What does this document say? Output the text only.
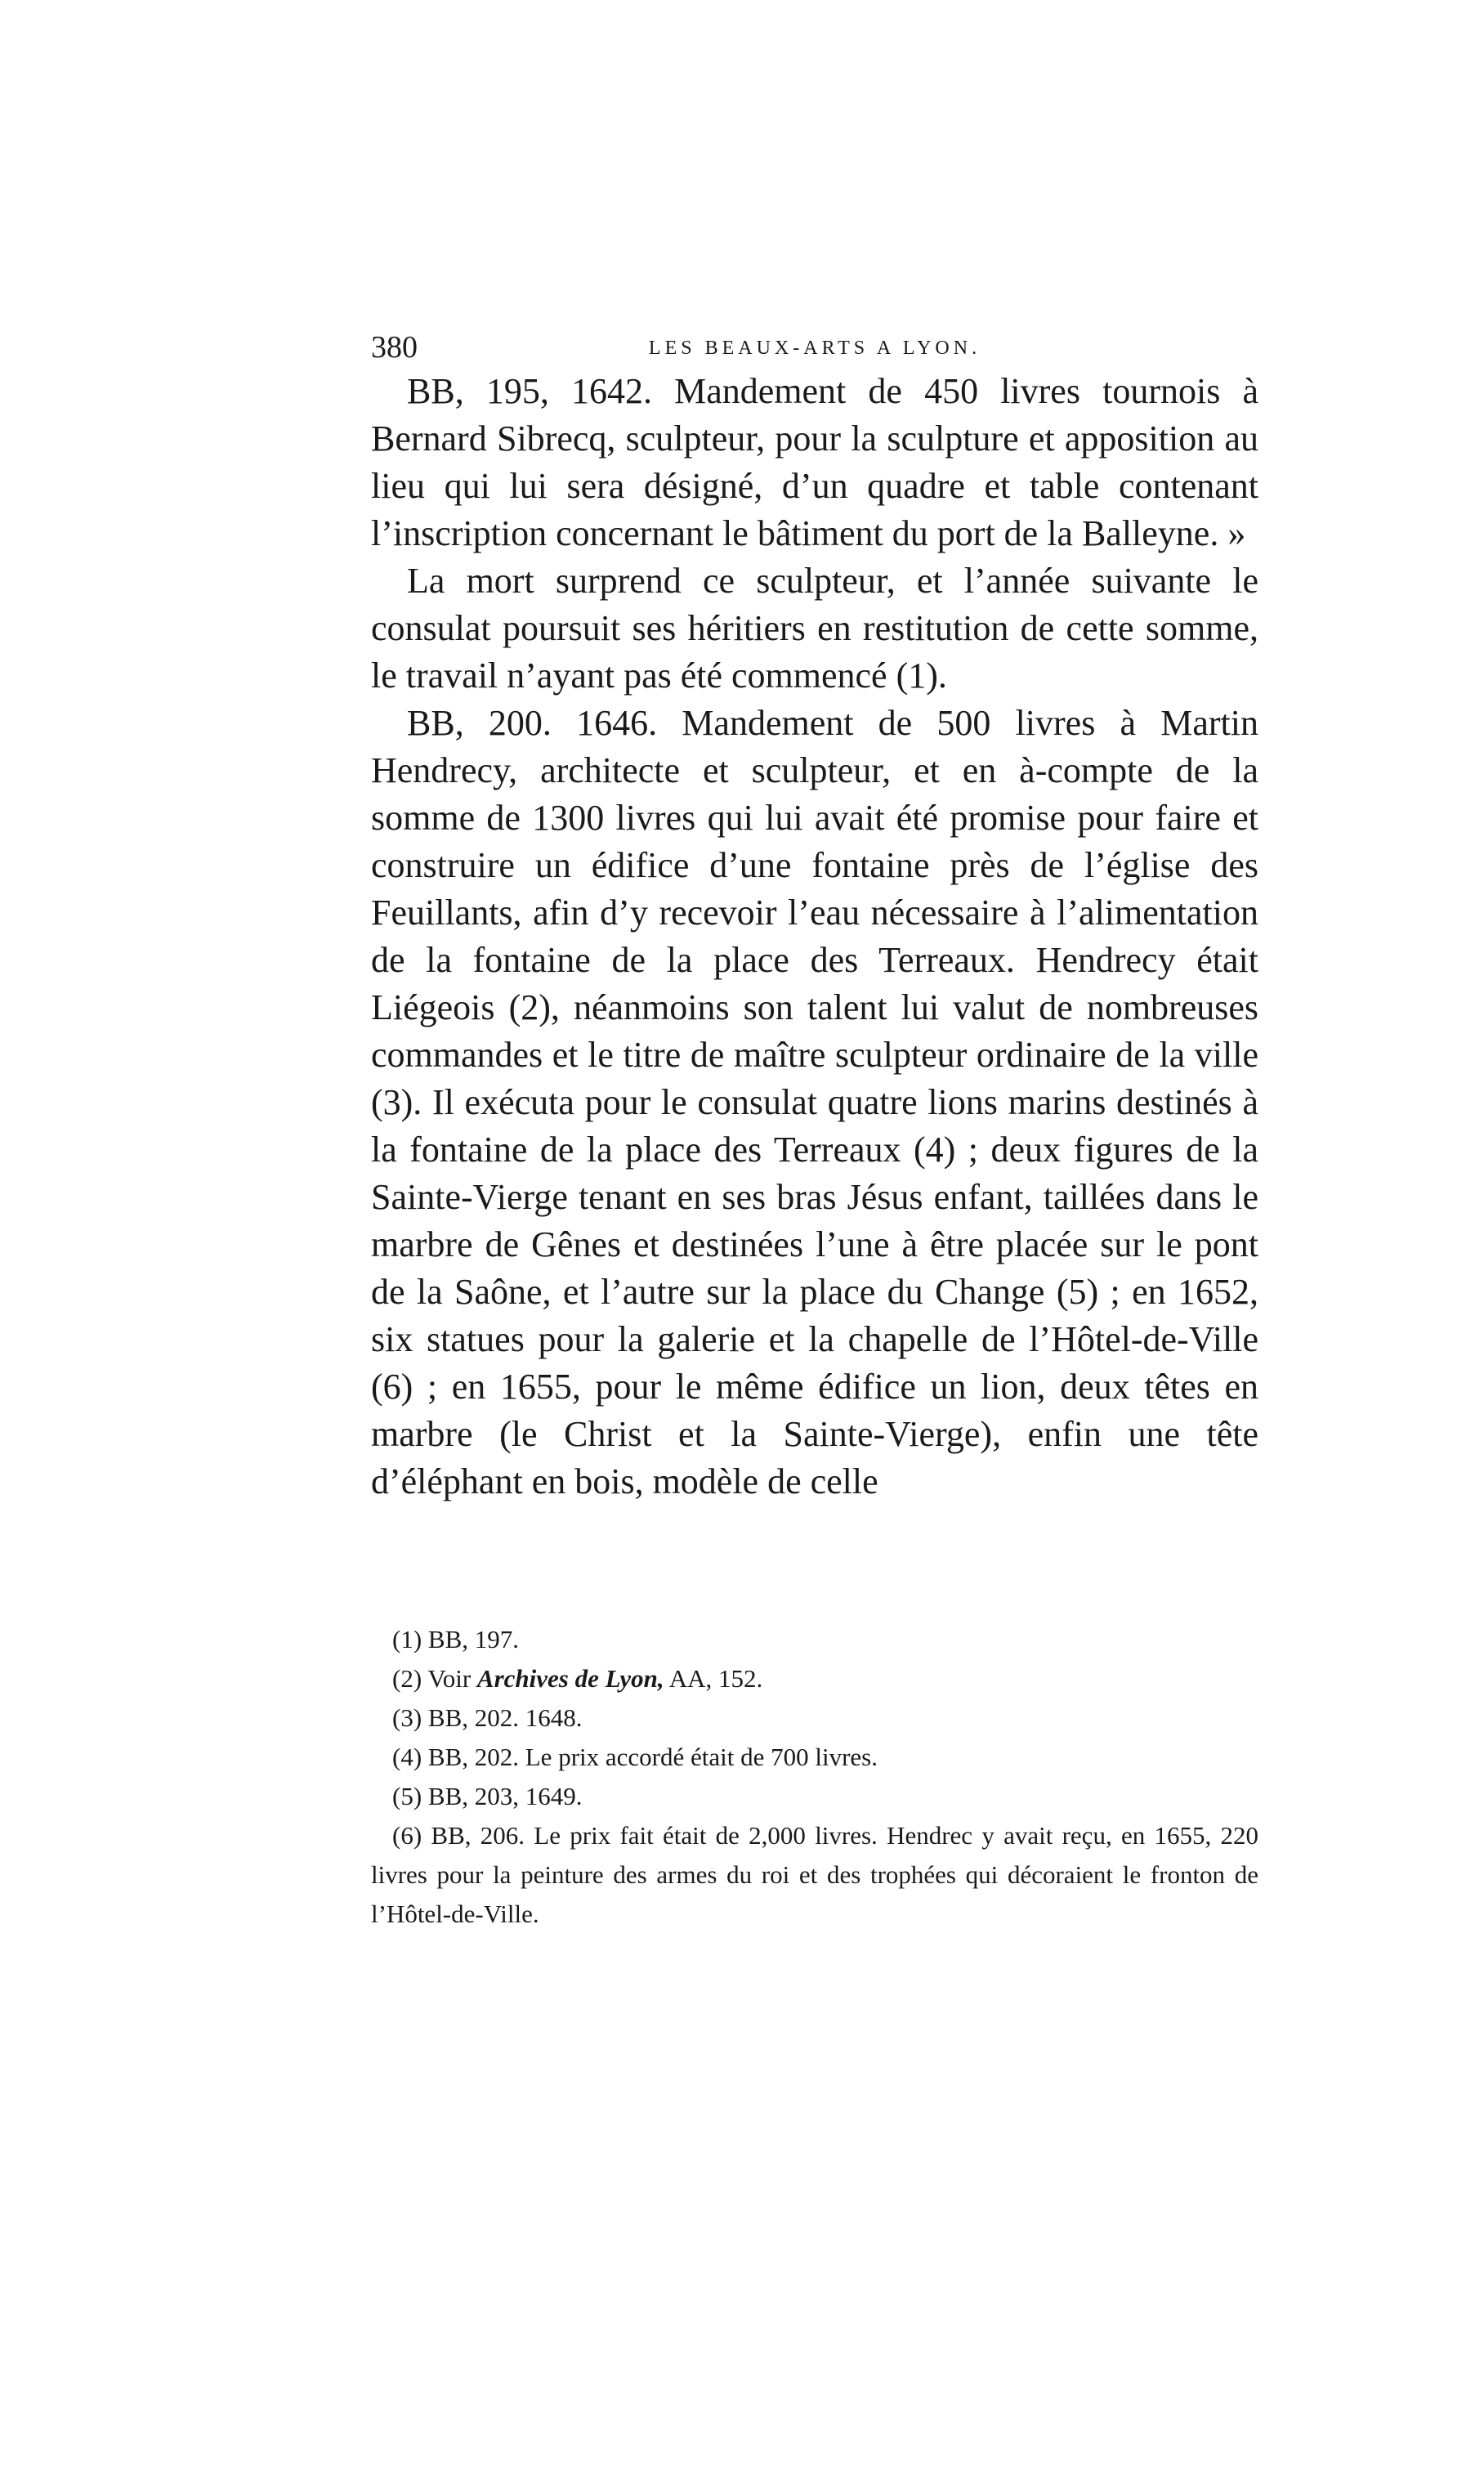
380	LES BEAUX-ARTS A LYON.

BB, 195, 1642. Mandement de 450 livres tournois à Bernard Sibrecq, sculpteur, pour la sculpture et apposition au lieu qui lui sera désigné, d’un quadre et table contenant l’inscription concernant le bâtiment du port de la Balleyne. »

La mort surprend ce sculpteur, et l’année suivante le consulat poursuit ses héritiers en restitution de cette somme, le travail n’ayant pas été commencé (1).

BB, 200. 1646. Mandement de 500 livres à Martin Hendrecy, architecte et sculpteur, et en à-compte de la somme de 1300 livres qui lui avait été promise pour faire et construire un édifice d’une fontaine près de l’église des Feuillants, afin d’y recevoir l’eau nécessaire à l’alimentation de la fontaine de la place des Terreaux. Hendrecy était Liégeois (2), néanmoins son talent lui valut de nombreuses commandes et le titre de maître sculpteur ordinaire de la ville (3). Il exécuta pour le consulat quatre lions marins destinés à la fontaine de la place des Terreaux (4) ; deux figures de la Sainte-Vierge tenant en ses bras Jésus enfant, taillées dans le marbre de Gênes et destinées l’une à être placée sur le pont de la Saône, et l’autre sur la place du Change (5) ; en 1652, six statues pour la galerie et la chapelle de l’Hôtel-de-Ville (6) ; en 1655, pour le même édifice un lion, deux têtes en marbre (le Christ et la Sainte-Vierge), enfin une tête d’éléphant en bois, modèle de celle

(1) BB, 197.

(2) Voir Archives de Lyon, AA, 152.

(3) BB, 202. 1648.

(4) BB, 202. Le prix accordé était de 700 livres.

(5) BB, 203, 1649.

(6) BB, 206. Le prix fait était de 2,000 livres. Hendrec y avait reçu, en 1655, 220 livres pour la peinture des armes du roi et des trophées qui décoraient le fronton de l’Hôtel-de-Ville.
